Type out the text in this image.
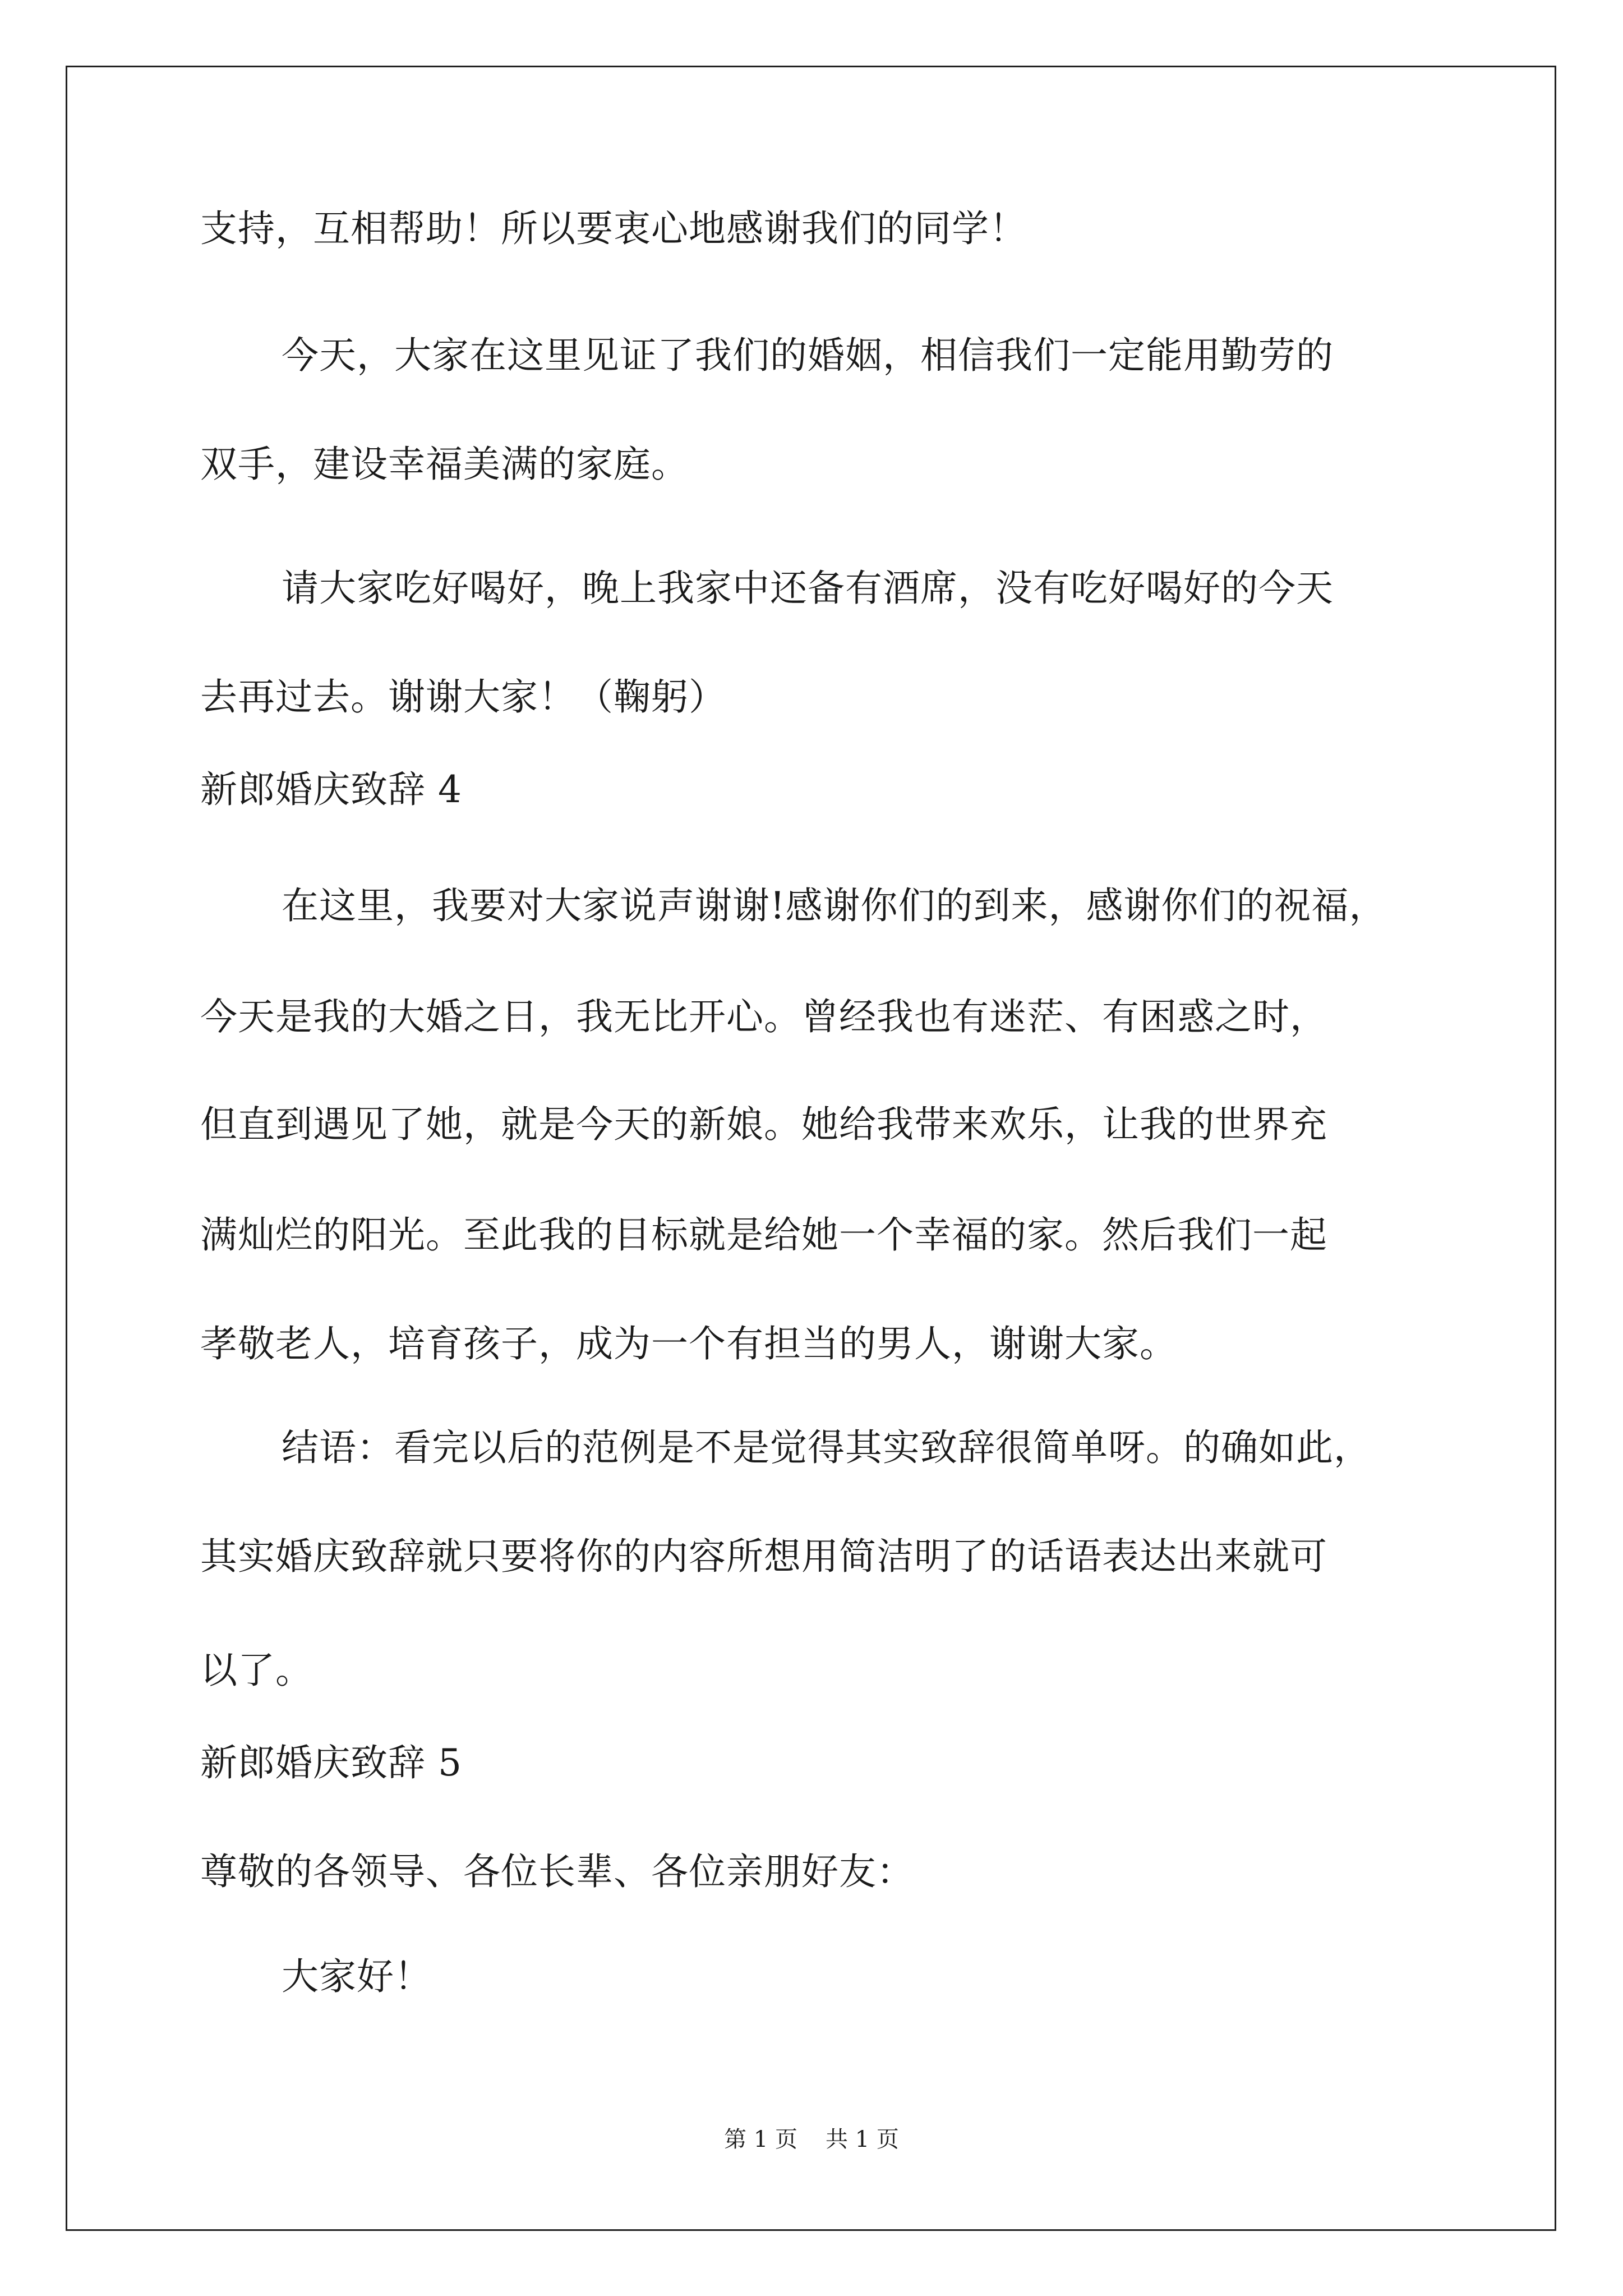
支持，互相帮助！所以要衷心地感谢我们的同学！
今天，大家在这里见证了我们的婚姻，相信我们一定能用勤劳的
双手，建设幸福美满的家庭。
请大家吃好喝好，晚上我家中还备有酒席，没有吃好喝好的今天
去再过去。谢谢大家！（鞠躬）
新郎婚庆致辞 4
在这里，我要对大家说声谢谢!感谢你们的到来，感谢你们的祝福，
今天是我的大婚之日，我无比开心。曾经我也有迷茫、有困惑之时，
但直到遇见了她，就是今天的新娘。她给我带来欢乐，让我的世界充
满灿烂的阳光。至此我的目标就是给她一个幸福的家。然后我们一起
孝敬老人，培育孩子，成为一个有担当的男人，谢谢大家。
结语：看完以后的范例是不是觉得其实致辞很简单呀。的确如此，
其实婚庆致辞就只要将你的内容所想用简洁明了的话语表达出来就可
以了。
新郎婚庆致辞 5
尊敬的各领导、各位长辈、各位亲朋好友：
大家好！
第 1 页 共 1 页
